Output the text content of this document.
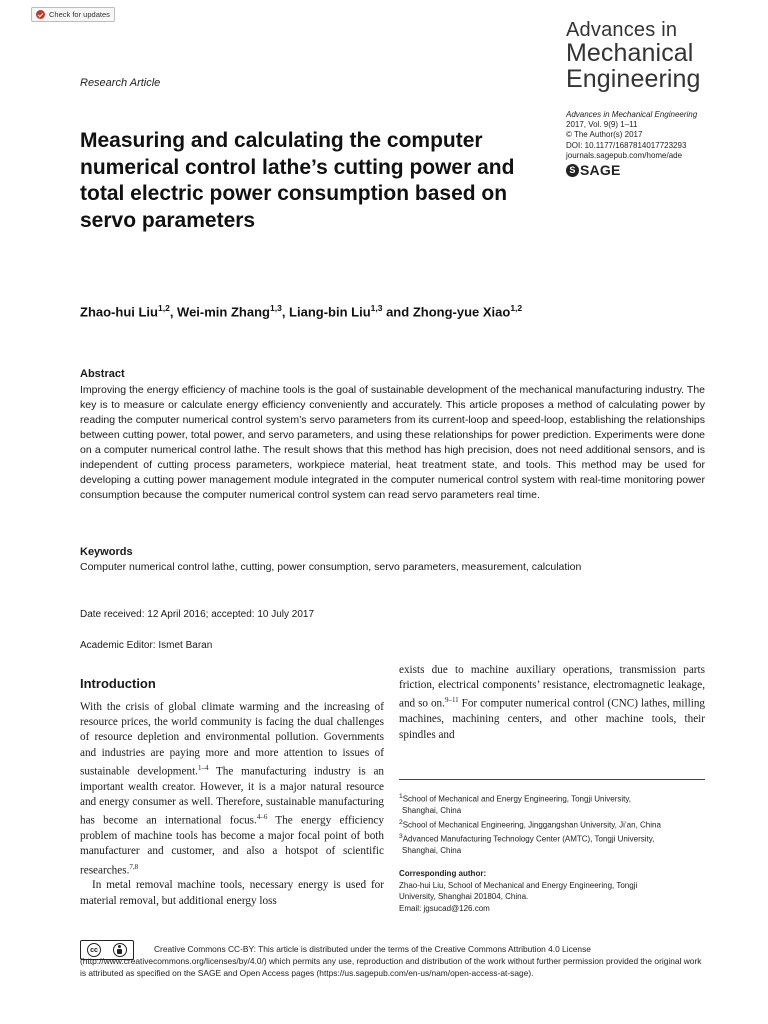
Check for updates
Research Article
Advances in
Mechanical
Engineering
Advances in Mechanical Engineering
2017, Vol. 9(9) 1–11
© The Author(s) 2017
DOI: 10.1177/1687814017723293
journals.sagepub.com/home/ade
S SAGE
Measuring and calculating the computer numerical control lathe’s cutting power and total electric power consumption based on servo parameters
Zhao-hui Liu$^{1,2}$, Wei-min Zhang$^{1,3}$, Liang-bin Liu$^{1,3}$ and Zhong-yue Xiao$^{1,2}$
Abstract
Improving the energy efficiency of machine tools is the goal of sustainable development of the mechanical manufacturing industry. The key is to measure or calculate energy efficiency conveniently and accurately. This article proposes a method of calculating power by reading the computer numerical control system’s servo parameters from its current-loop and speed-loop, establishing the relationships between cutting power, total power, and servo parameters, and using these relationships for power prediction. Experiments were done on a computer numerical control lathe. The result shows that this method has high precision, does not need additional sensors, and is independent of cutting process parameters, workpiece material, heat treatment state, and tools. This method may be used for developing a cutting power management module integrated in the computer numerical control system with real-time monitoring power consumption because the computer numerical control system can read servo parameters real time.
Keywords
Computer numerical control lathe, cutting, power consumption, servo parameters, measurement, calculation
Date received: 12 April 2016; accepted: 10 July 2017
Academic Editor: Ismet Baran
Introduction

With the crisis of global climate warming and the increasing of resource prices, the world community is facing the dual challenges of resource depletion and environmental pollution. Governments and industries are paying more and more attention to issues of sustainable development.$^{1-4}$ The manufacturing industry is an important wealth creator. However, it is a major natural resource and energy consumer as well. Therefore, sustainable manufacturing has become an international focus.$^{4-6}$ The energy efficiency problem of machine tools has become a major focal point of both manufacturer and customer, and also a hotspot of scientific researches.$^{7,8}$

In metal removal machine tools, necessary energy is used for material removal, but additional energy loss

exists due to machine auxiliary operations, transmission parts friction, electrical components’ resistance, electromagnetic leakage, and so on.$^{9-11}$ For computer numerical control (CNC) lathes, milling machines, machining centers, and other machine tools, their spindles and
$^1$School of Mechanical and Energy Engineering, Tongji University,
Shanghai, China
$^2$School of Mechanical Engineering, Jinggangshan University, Ji’an, China
$^3$Advanced Manufacturing Technology Center (AMTC), Tongji University,
Shanghai, China
Corresponding author:
Zhao-hui Liu, School of Mechanical and Energy Engineering, Tongji
University, Shanghai 201804, China.
Email: jgsucad@126.com
cc	Creative Commons CC-BY: This article is distributed under the terms of the Creative Commons Attribution 4.0 License (http://www.creativecommons.org/licenses/by/4.0/) which permits any use, reproduction and distribution of the work without further permission provided the original work is attributed as specified on the SAGE and Open Access pages (https://us.sagepub.com/en-us/nam/open-access-at-sage).
